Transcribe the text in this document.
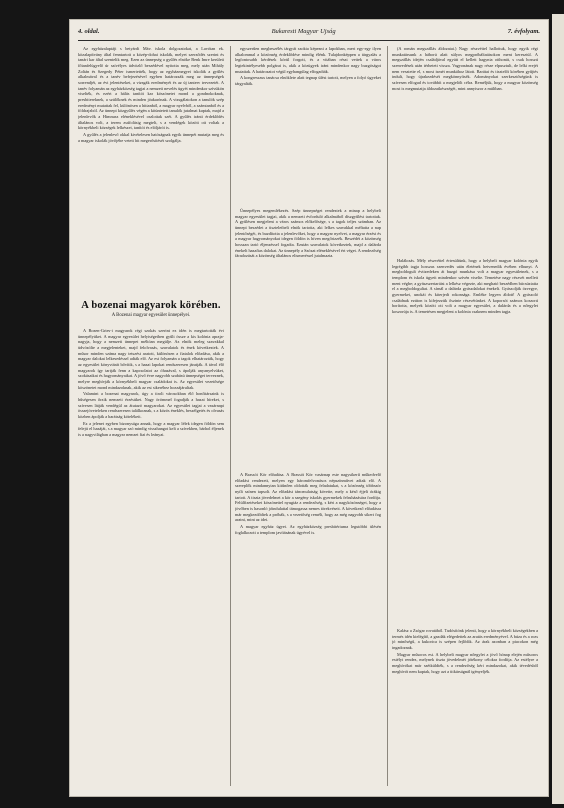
4. oldal.	Bukaresti Magyar Ujság	7. évfolyam.

Az egyházalaptáji s betyárdi Máv. iskola dolgozatokat, a Lavótan ek. közalapítvány által fenntartott a közép-dohai iskolák, melyet szerződés szerint és tanári kar által szentelik meg. Ezen az ünnepség a gyűlés elnöke Benk Imre kerületi főtanfelügyelő úr szívélyes üdvözlő beszédével nyitotta meg, mely után Mihály Zoltán és Szegedy Péter ismertették, hogy az egyházmegyei iskolák a gyűlés alkalmával és a tanév befejezésével egyben határozzák meg az ünnepségek sorrendjét, az évi jelentéseket, a vizsgák eredményét és az új tanterv tervezetét. A tanév folyamán az egyházközség tagjai a nemzeti nevelés ügyét mindenkor szívükön viselték, és ezért a hálás tanítói kar köszönetet mond a gondnokoknak, presbitereknek, a szülőknek és minden jóakarónak. A vizsgálatokon a tanulók szép eredményt mutattak fel, különösen a hittanból, a magyar nyelvből, a számtanból és a földrajzból. Az ünnepi közgyűlés végén a kitüntetett tanulók jutalmat kaptak, majd a jelenlevők a Himnusz eléneklésével oszlottak szét. A gyűlés iránti érdeklődés általános volt, a terem zsúfolásig megtelt, s a vendégek között ott voltak a környékbeli községek lelkészei, tanítói és elöljárói is.

A gyűlés a jelenlevő okkal kivételesen hatóságnak egyik ünnepét mutatja meg és a magyar iskolák jövőjébe vetett hit megerősítését szolgálja.

A bozenai magyarok körében.
A Bozenai magyar egyesület ünnepélyei.

A Bozen-Gries-i magyarok régi szokás szerint ez idén is megtartották évi ünnepélyüket. A magyar egyesület helyiségeiben gyűlt össze a kis kolónia apraja-nagyja, hogy a nemzeti ünnepet méltóan megülje. Az elnök meleg szavakkal üdvözölte a megjelenteket, majd felolvasás, szavalatok és ének következtek. A műsor minden száma nagy tetszést aratott, különösen a fiatalok előadása, akik a magyar dalokat lelkesedéssel adták elő. Az est folyamán a tagok elhatározták, hogy az egyesület könyvtárát bővítik, s a hazai lapokat rendszeresen járatják. A távol élő magyarok így tartják fenn a kapcsolatot az óhazával, s ápolják anyanyelvüket, szokásaikat és hagyományaikat. A jövő évre nagyobb szabású ünnepséget terveznek, melyre meghívják a környékbeli magyar családokat is. Az egyesület vezetősége köszönetet mond mindazoknak, akik az est sikeréhez hozzájárultak.

Valamint a bozenai magyarok, úgy a tiroli városokban élő honfitársaink is hűségesen őrzik nemzeti érzésüket. Nagy örömmel fogadják a hazai híreket, s szívesen látják vendégül az átutazó magyarokat. Az egyesület tagjai a vasárnapi összejöveteleken rendszeresen találkoznak, s a közös éneklés, beszélgetés és olvasás közben ápolják a barátság kötelékeit.

Ez a jelenet egyben bizonysága annak, hogy a magyar lélek idegen földön sem felejti el hazáját, s a magyar szó mindig visszhangot kelt a szívekben, bárhol éljenek is a nagyvilágban a magyar nemzet fiai és leányai.

egyszerűen megbeszélés tárgyát szokta képezni a lapokban, mert egy-egy ilyen alkalommal a közönség érdeklődése mindig élénk. Tulajdonképpen a tárgyalás a legfontosabb kérdések körül forgott, és a vitában részt vettek a város legtekintélyesebb polgárai is, akik a közügyek iránt mindenkor nagy buzgóságot mutattak. A határozatot végül egyhangúlag elfogadták.

A kongresszus tanácsa elnöklete alatt tegnap ülést tartott, melyen a folyó ügyeket tárgyalták.

Ünnepélyes megemlékezés. Szép ünnepséget rendeztek a minap a helybeli magyar egyesület tagjai, akik a nemzeti évforduló alkalmából díszgyűlést tartottak. A gyűlésen megjelent a város számos előkelősége, s a tagok teljes számban. Az ünnepi beszédet a tiszteletbeli elnök tartotta, aki lelkes szavakkal méltatta a nap jelentőségét, és buzdította a jelenlevőket, hogy a magyar nyelvet, a magyar érzést és a magyar hagyományokat idegen földön is híven megőrizzék. Beszédét a közönség hosszan tartó éljenzéssel fogadta. Ezután szavalatok következtek, majd a dalárda énekelt hazafias dalokat. Az ünnepély a Szózat eléneklésével ért véget. A rendezőség fáradozását a közönség általános elismeréssel jutalmazta.

A Brassói Kör előadása. A Brassói Kör vasárnap este nagysikerű műkedvelő előadást rendezett, melyen egy háromfelvonásos népszínművet adtak elő. A szereplők mindannyian kitűnően oldották meg feladatukat, s a közönség többször nyílt színen tapsolt. Az előadást táncmulatság követte, mely a késő éjjeli órákig tartott. A tiszta jövedelmet a kör a szegény iskolás gyermekek felruházására fordítja. Felülfizetéseket köszönettel nyugtáz a rendezőség, s kéri a nagyközönséget, hogy a jövőben is hasonló jóindulattal támogassa nemes törekvéseit. A következő előadásra már megkezdődtek a próbák, s a vezetőség reméli, hogy az még nagyobb sikert fog aratni, mint az idei.

A magyar egyház ügyei. Az egyházközség presbitériuma legutóbbi ülésén foglalkozott a templom javításának ügyével is.

(A román megszállás áldozatai.) Nagy részvéttel hallottuk, hogy egyik régi munkatársunk a háború alatt súlyos megpróbáltatásokon ment keresztül. A megszállás idején családjával együtt el kellett hagynia otthonát, s csak hosszú szenvedések után térhetett vissza. Vagyonának nagy része elpusztult, de lelki erejét nem vesztette el, s most ismét munkához látott. Barátai és tisztelői körében gyűjtés indult, hogy újrakezdését megkönnyítsék. Adományokat szerkesztőségünk is szívesen elfogad és továbbít a megjelölt célra. Reméljük, hogy a magyar közönség most is megmutatja áldozatkészségét, mint annyiszor a múltban.

Halálozás. Mély részvéttel értesültünk, hogy a helybeli magyar kolónia egyik legrégibb tagja hosszas szenvedés után életének hetvenedik évében elhunyt. A megboldogult évtizedeken át buzgó munkása volt a magyar egyesületnek, s a templom és iskola ügyeit mindenkor szívén viselte. Temetése nagy részvét mellett ment végbe; a gyászszertartást a lelkész végezte, aki megható beszédben búcsúztatta el a megboldogultat. A sírnál a dalárda gyászdalokat énekelt. Gyászolják özvegye, gyermekei, unokái és kiterjedt rokonsága. Emléke legyen áldott! A gyászoló családnak ezúton is kifejezzük őszinte részvétünket. A koporsót számos koszorú borította, melyek között ott volt a magyar egyesület, a dalárda és a nőegylet koszorúja is. A temetésen megjelent a kolónia csaknem minden tagja.

Kalász a Zsógar rovatából. Tudósítónk jelenti, hogy a környékbeli községekben a termés idén kielégítő, a gazdák elégedettek az aratás eredményével. A búza és a rozs jó minőségű, a kukorica is szépen fejlődik. Az árak azonban a piacokon még ingadoznak.

Magyar műsoros est. A helybeli magyar nőegylet a jövő hónap elején műsoros estélyt rendez, melynek tiszta jövedelmét jótékony célokra fordítja. Az estélyre a meghívókat már szétküldték, s a rendezőség kéri mindazokat, akik tévedésből meghívót nem kaptak, hogy azt a titkárságnál igényeljék.
